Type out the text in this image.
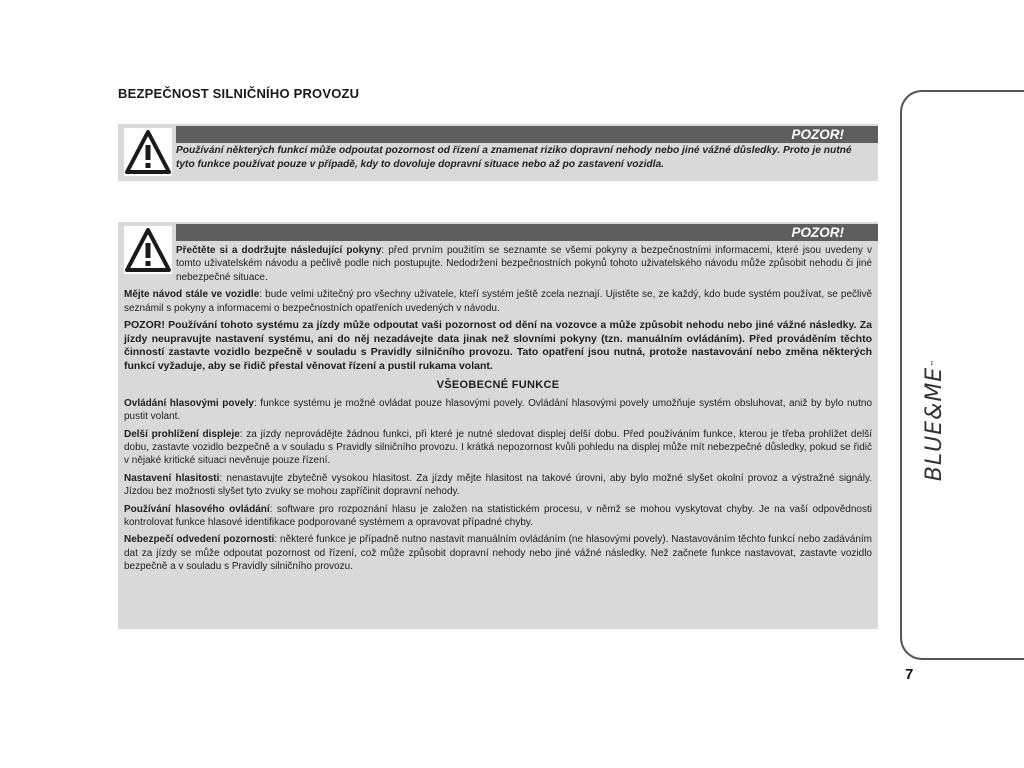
BEZPEČNOST SILNIČNÍHO PROVOZU
POZOR!
Používání některých funkcí může odpoutat pozornost od řízení a znamenat riziko dopravní nehody nebo jiné vážné důsledky. Proto je nutné tyto funkce používat pouze v případě, kdy to dovoluje dopravní situace nebo až po zastavení vozidla.
POZOR!

Přečtěte si a dodržujte následující pokyny: před prvním použitím se seznamte se všemi pokyny a bezpečnostními informacemi, které jsou uvedeny v tomto uživatelském návodu a pečlivě podle nich postupujte. Nedodržení bezpečnostních pokynů tohoto uživatelského návodu může způsobit nehodu či jiné nebezpečné situace.

Mějte návod stále ve vozidle: bude velmi užitečný pro všechny uživatele, kteří systém ještě zcela neznají. Ujistěte se, ze každý, kdo bude systém používat, se pečlivě seznámil s pokyny a informacemi o bezpečnostních opatřeních uvedených v návodu.

POZOR! Používání tohoto systému za jízdy může odpoutat vaši pozornost od dění na vozovce a může způsobit nehodu nebo jiné vážné následky. Za jízdy neupravujte nastavení systému, ani do něj nezadávejte data jinak než slovními pokyny (tzn. manuálním ovládáním). Před prováděním těchto činností zastavte vozidlo bezpečně v souladu s Pravidly silničního provozu. Tato opatření jsou nutná, protože nastavování nebo změna některých funkcí vyžaduje, aby se řidič přestal věnovat řízení a pustil rukama volant.

VŠEOBECNÉ FUNKCE

Ovládání hlasovými povely: funkce systému je možné ovládat pouze hlasovými povely. Ovládání hlasovými povely umožňuje systém obsluhovat, aniž by bylo nutno pustit volant.

Delší prohlížení displeje: za jízdy neprovádějte žádnou funkci, při které je nutné sledovat displej delší dobu. Před používáním funkce, kterou je třeba prohlížet delší dobu, zastavte vozidlo bezpečně a v souladu s Pravidly silničního provozu. I krátká nepozornost kvůli pohledu na displej může mít nebezpečné důsledky, pokud se řidič v nějaké kritické situaci nevěnuje pouze řízení.

Nastavení hlasitosti: nenastavujte zbytečně vysokou hlasitost. Za jízdy mějte hlasitost na takové úrovni, aby bylo možné slyšet okolní provoz a výstražné signály. Jízdou bez možnosti slyšet tyto zvuky se mohou zapříčinit dopravní nehody.

Používání hlasového ovládání: software pro rozpoznání hlasu je založen na statistickém procesu, v němž se mohou vyskytovat chyby. Je na vaší odpovědnosti kontrolovat funkce hlasové identifikace podporované systémem a opravovat případné chyby.

Nebezpečí odvedení pozornosti: některé funkce je případně nutno nastavit manuálním ovládáním (ne hlasovými povely). Nastavováním těchto funkcí nebo zadáváním dat za jízdy se může odpoutat pozornost od řízení, což může způsobit dopravní nehody nebo jiné vážné následky. Než začnete funkce nastavovat, zastavte vozidlo bezpečně a v souladu s Pravidly silničního provozu.

BLUE&ME
™
7
